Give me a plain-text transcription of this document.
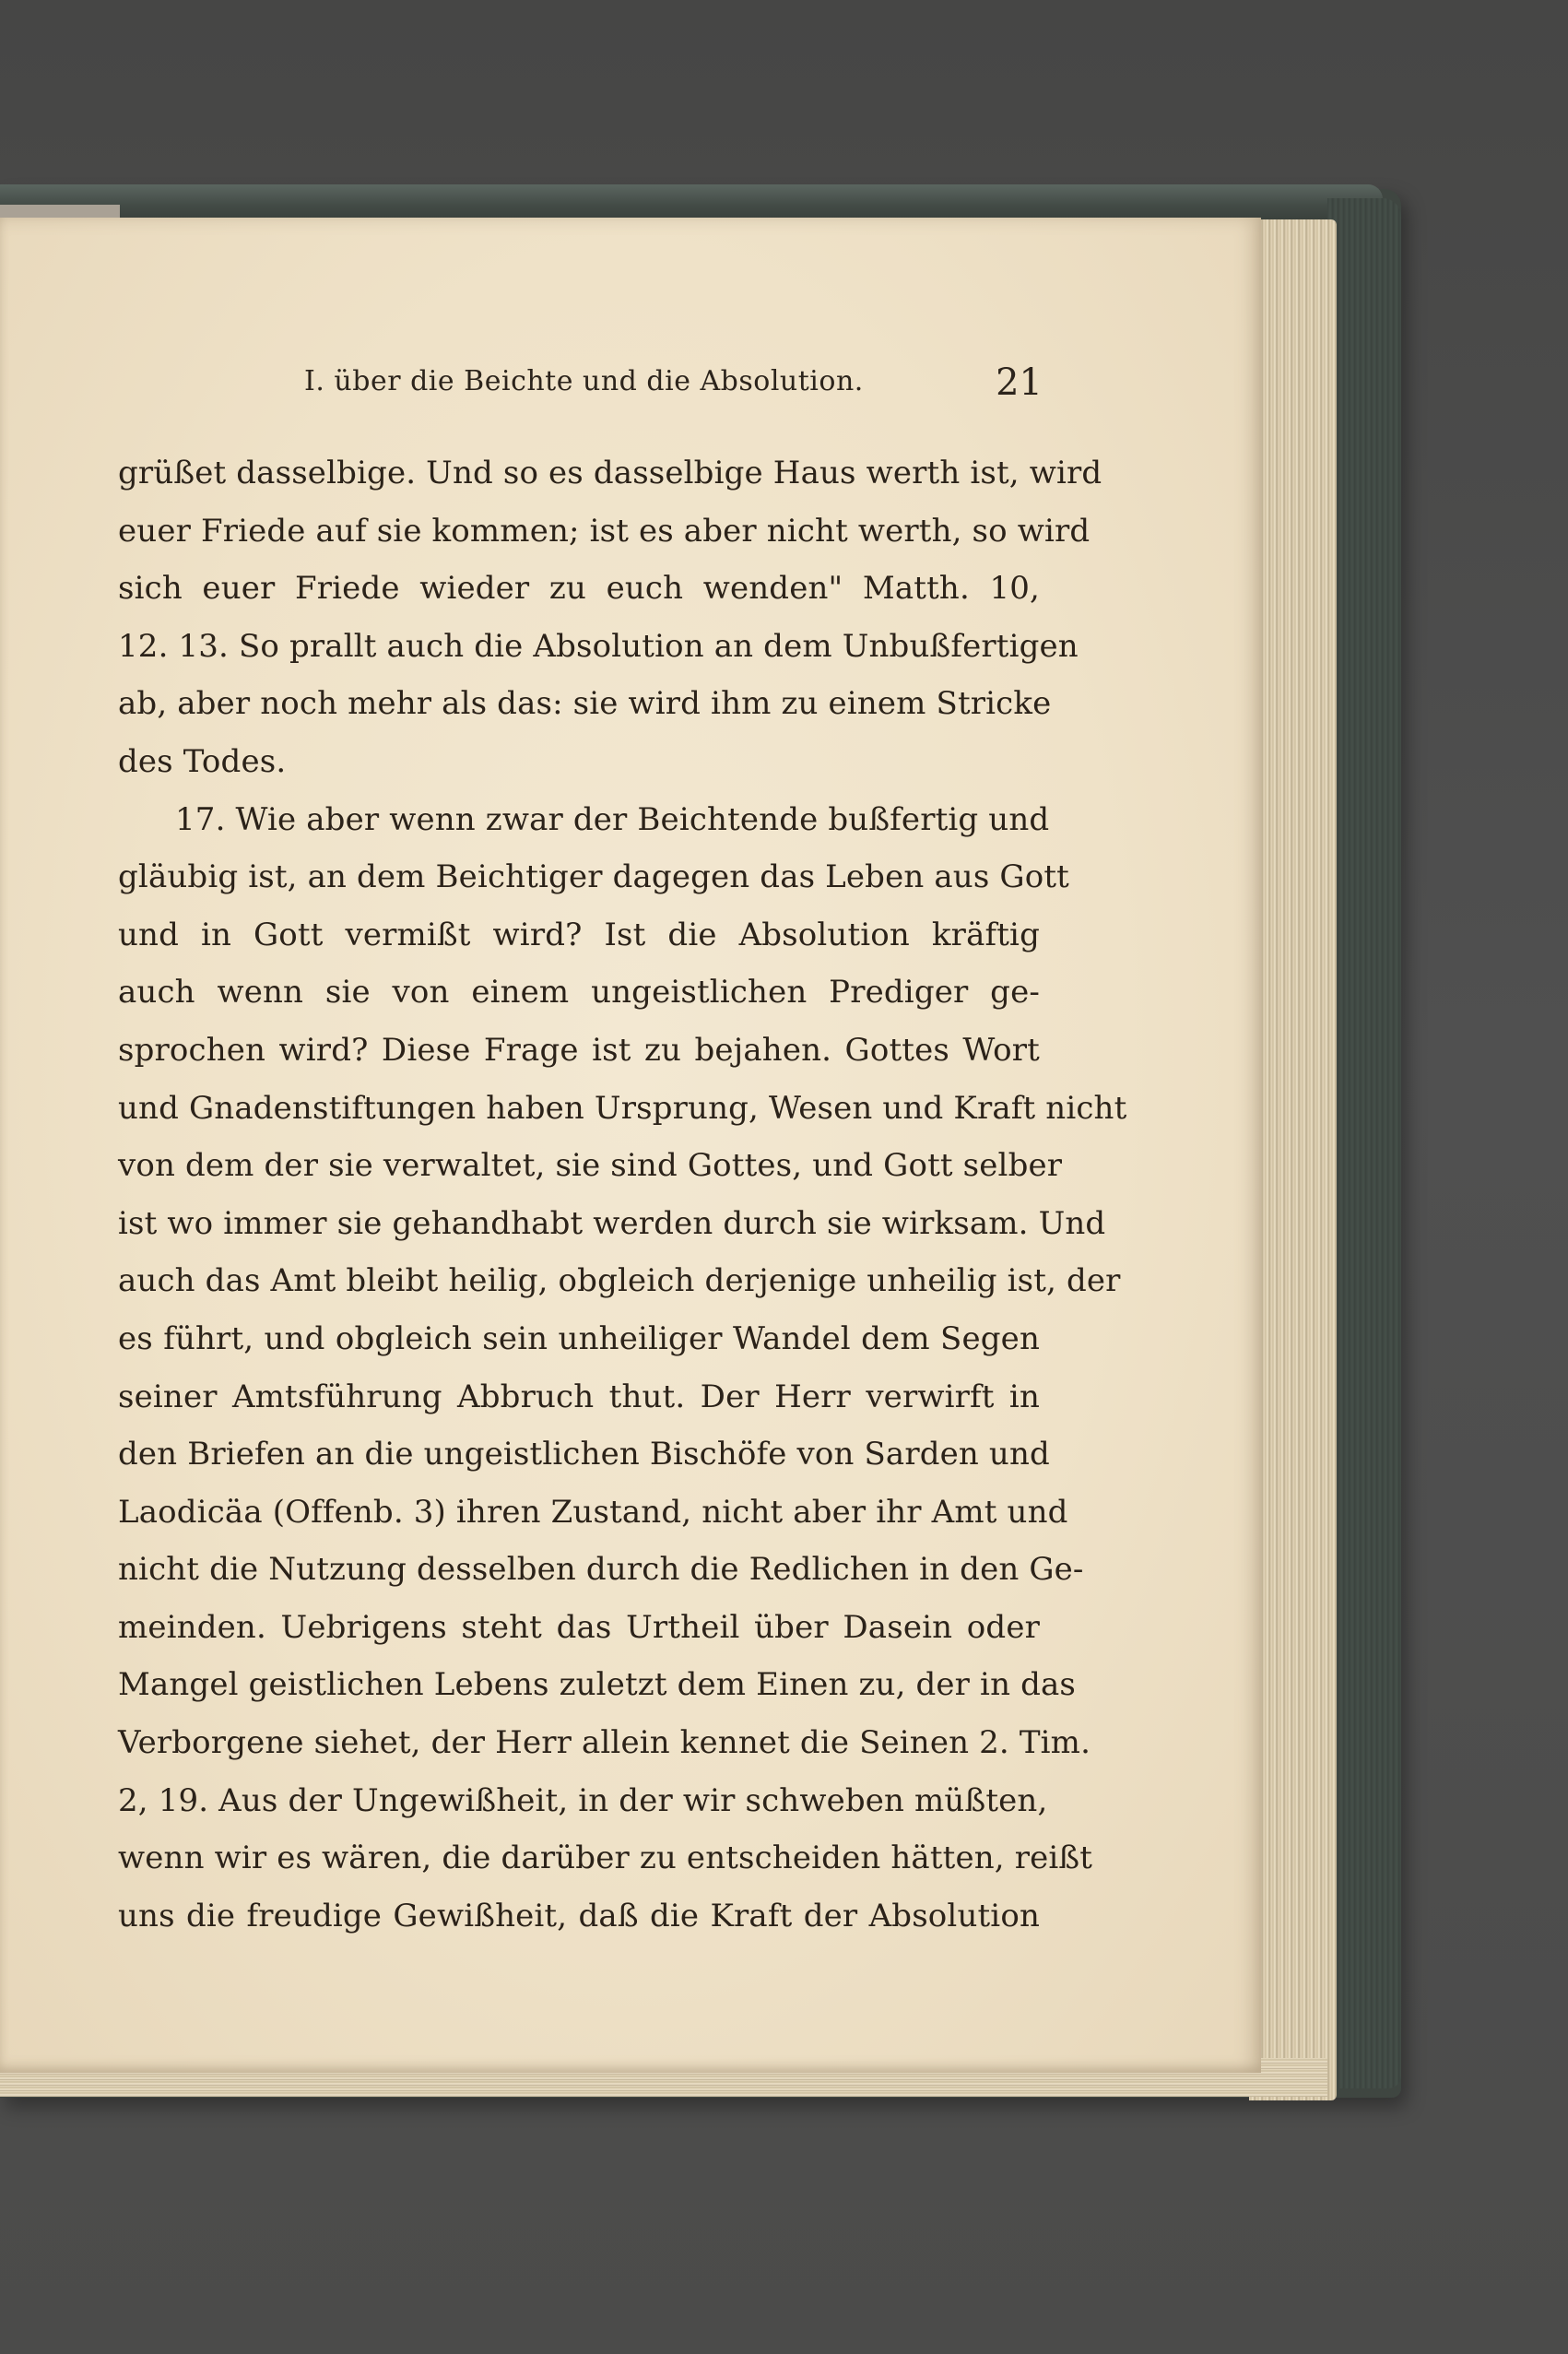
I. über die Beichte und die Absolution.	21
grüßet dasselbige. Und so es dasselbige Haus werth ist, wird
euer Friede auf sie kommen; ist es aber nicht werth, so wird
sich euer Friede wieder zu euch wenden" Matth. 10,
12. 13. So prallt auch die Absolution an dem Unbußfertigen
ab, aber noch mehr als das: sie wird ihm zu einem Stricke
des Todes.
17. Wie aber wenn zwar der Beichtende bußfertig und
gläubig ist, an dem Beichtiger dagegen das Leben aus Gott
und in Gott vermißt wird? Ist die Absolution kräftig
auch wenn sie von einem ungeistlichen Prediger ge-
sprochen wird? Diese Frage ist zu bejahen. Gottes Wort
und Gnadenstiftungen haben Ursprung, Wesen und Kraft nicht
von dem der sie verwaltet, sie sind Gottes, und Gott selber
ist wo immer sie gehandhabt werden durch sie wirksam. Und
auch das Amt bleibt heilig, obgleich derjenige unheilig ist, der
es führt, und obgleich sein unheiliger Wandel dem Segen
seiner Amtsführung Abbruch thut. Der Herr verwirft in
den Briefen an die ungeistlichen Bischöfe von Sarden und
Laodicäa (Offenb. 3) ihren Zustand, nicht aber ihr Amt und
nicht die Nutzung desselben durch die Redlichen in den Ge-
meinden. Uebrigens steht das Urtheil über Dasein oder
Mangel geistlichen Lebens zuletzt dem Einen zu, der in das
Verborgene siehet, der Herr allein kennet die Seinen 2. Tim.
2, 19. Aus der Ungewißheit, in der wir schweben müßten,
wenn wir es wären, die darüber zu entscheiden hätten, reißt
uns die freudige Gewißheit, daß die Kraft der Absolution
